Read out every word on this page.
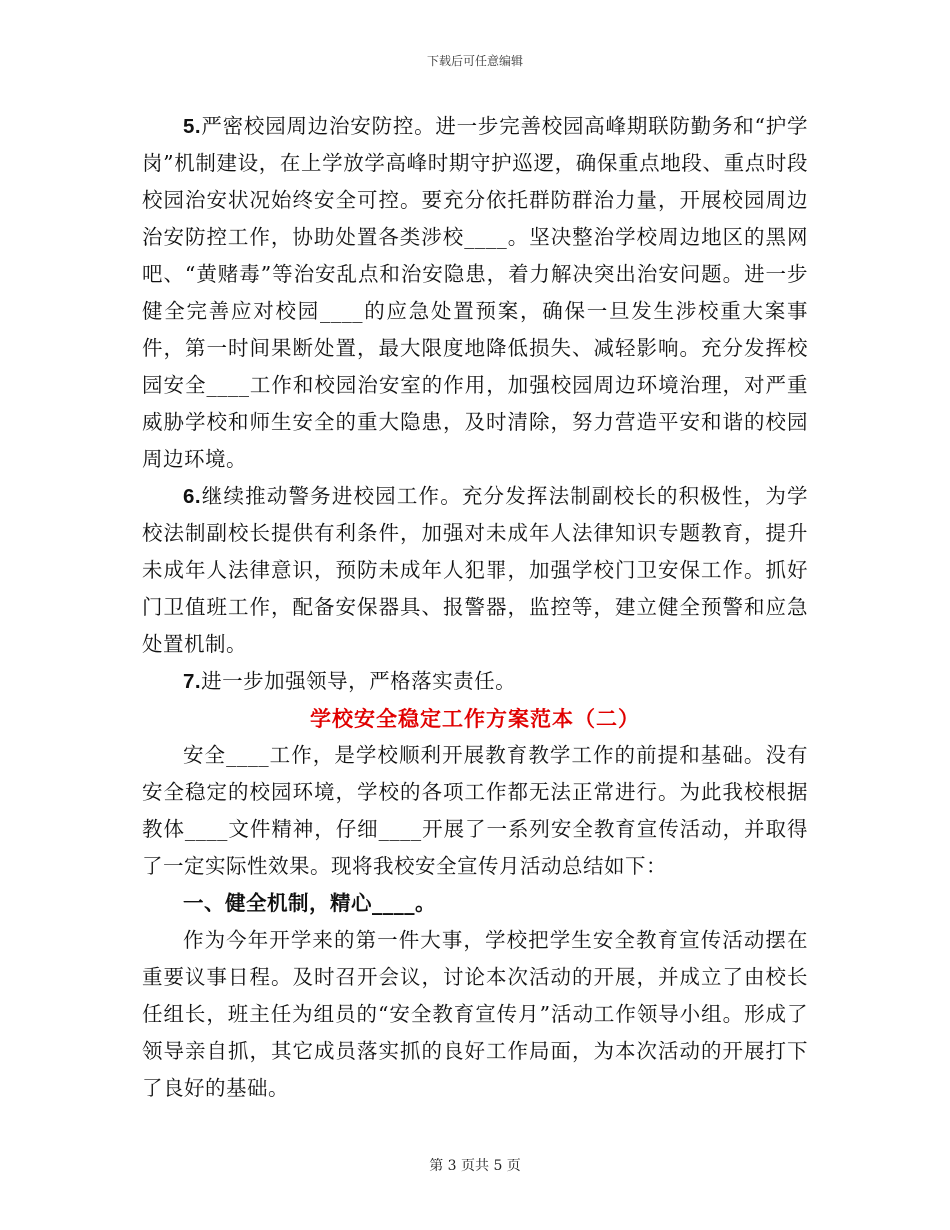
下载后可任意编辑

5.严密校园周边治安防控。进一步完善校园高峰期联防勤务和“护学岗”机制建设，在上学放学高峰时期守护巡逻，确保重点地段、重点时段校园治安状况始终安全可控。要充分依托群防群治力量，开展校园周边治安防控工作，协助处置各类涉校____。坚决整治学校周边地区的黑网吧、“黄赌毒”等治安乱点和治安隐患，着力解决突出治安问题。进一步健全完善应对校园____的应急处置预案，确保一旦发生涉校重大案事件，第一时间果断处置，最大限度地降低损失、减轻影响。充分发挥校园安全____工作和校园治安室的作用，加强校园周边环境治理，对严重威胁学校和师生安全的重大隐患，及时清除，努力营造平安和谐的校园周边环境。

6.继续推动警务进校园工作。充分发挥法制副校长的积极性，为学校法制副校长提供有利条件，加强对未成年人法律知识专题教育，提升未成年人法律意识，预防未成年人犯罪，加强学校门卫安保工作。抓好门卫值班工作，配备安保器具、报警器，监控等，建立健全预警和应急处置机制。

7.进一步加强领导，严格落实责任。

学校安全稳定工作方案范本（二）

安全____工作，是学校顺利开展教育教学工作的前提和基础。没有安全稳定的校园环境，学校的各项工作都无法正常进行。为此我校根据教体____文件精神，仔细____开展了一系列安全教育宣传活动，并取得了一定实际性效果。现将我校安全宣传月活动总结如下：

一、健全机制，精心____。

作为今年开学来的第一件大事，学校把学生安全教育宣传活动摆在重要议事日程。及时召开会议，讨论本次活动的开展，并成立了由校长任组长，班主任为组员的“安全教育宣传月”活动工作领导小组。形成了领导亲自抓，其它成员落实抓的良好工作局面，为本次活动的开展打下了良好的基础。

第 3 页共 5 页
